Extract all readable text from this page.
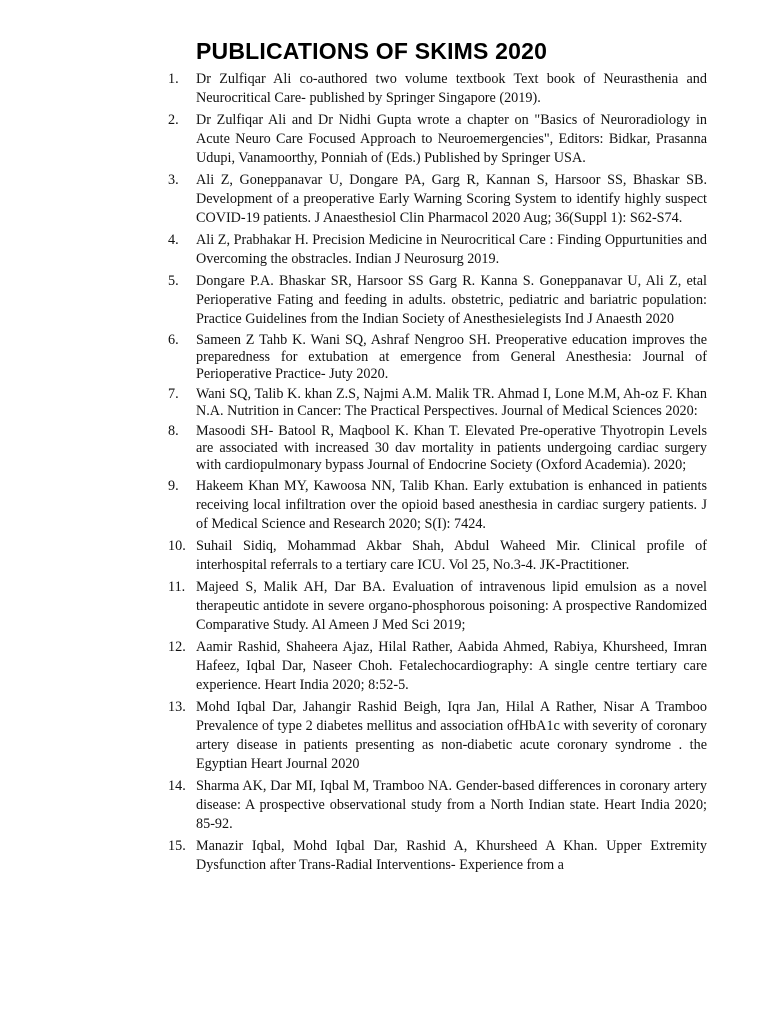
PUBLICATIONS OF SKIMS 2020
1.	Dr Zulfiqar Ali co-authored two volume textbook Text book of Neurasthenia and Neurocritical Care- published by Springer Singapore (2019).
2.	Dr Zulfiqar Ali and Dr Nidhi Gupta wrote a chapter on "Basics of Neuroradiology in Acute Neuro Care Focused Approach to Neuroemergencies", Editors: Bidkar, Prasanna Udupi, Vanamoorthy, Ponniah of (Eds.) Published by Springer USA.
3.	Ali Z, Goneppanavar U, Dongare PA, Garg R, Kannan S, Harsoor SS, Bhaskar SB. Development of a preoperative Early Warning Scoring System to identify highly suspect COVID-19 patients. J Anaesthesiol Clin Pharmacol 2020 Aug; 36(Suppl 1): S62-S74.
4.	Ali Z, Prabhakar H. Precision Medicine in Neurocritical Care : Finding Oppurtunities and Overcoming the obstracles. Indian J Neurosurg 2019.
5.	Dongare P.A. Bhaskar SR, Harsoor SS Garg R. Kanna S. Goneppanavar U, Ali Z, etal Perioperative Fating and feeding in adults. obstetric, pediatric and bariatric population: Practice Guidelines from the Indian Society of Anesthesielegists Ind J Anaesth 2020
6.	Sameen Z Tahb K. Wani SQ, Ashraf Nengroo SH. Preoperative education improves the preparedness for extubation at emergence from General Anesthesia: Journal of Perioperative Practice- Juty 2020.
7.	Wani SQ, Talib K. khan Z.S, Najmi A.M. Malik TR. Ahmad I, Lone M.M, Ah-oz F. Khan N.A. Nutrition in Cancer: The Practical Perspectives. Journal of Medical Sciences 2020:
8.	Masoodi SH- Batool R, Maqbool K. Khan T. Elevated Pre-operative Thyotropin Levels are associated with increased 30 dav mortality in patients undergoing cardiac surgery with cardiopulmonary bypass Journal of Endocrine Society (Oxford Academia). 2020;
9.	Hakeem Khan MY, Kawoosa NN, Talib Khan. Early extubation is enhanced in patients receiving local infiltration over the opioid based anesthesia in cardiac surgery patients. J of Medical Science and Research 2020; S(I): 7424.
10. Suhail Sidiq, Mohammad Akbar Shah, Abdul Waheed Mir. Clinical profile of interhospital referrals to a tertiary care ICU. Vol 25, No.3-4. JK-Practitioner.
11. Majeed S, Malik AH, Dar BA. Evaluation of intravenous lipid emulsion as a novel therapeutic antidote in severe organo-phosphorous poisoning: A prospective Randomized Comparative Study. Al Ameen J Med Sci 2019;
12. Aamir Rashid, Shaheera Ajaz, Hilal Rather, Aabida Ahmed, Rabiya, Khursheed, Imran Hafeez, Iqbal Dar, Naseer Choh. Fetalechocardiography: A single centre tertiary care experience. Heart India 2020; 8:52-5.
13. Mohd Iqbal Dar, Jahangir Rashid Beigh, Iqra Jan, Hilal A Rather, Nisar A Tramboo Prevalence of type 2 diabetes mellitus and association ofHbA1c with severity of coronary artery disease in patients presenting as non-diabetic acute coronary syndrome . the Egyptian Heart Journal 2020
14. Sharma AK, Dar MI, Iqbal M, Tramboo NA. Gender-based differences in coronary artery disease: A prospective observational study from a North Indian state. Heart India 2020; 85-92.
15. Manazir Iqbal, Mohd Iqbal Dar, Rashid A, Khursheed A Khan. Upper Extremity Dysfunction after Trans-Radial Interventions- Experience from a
